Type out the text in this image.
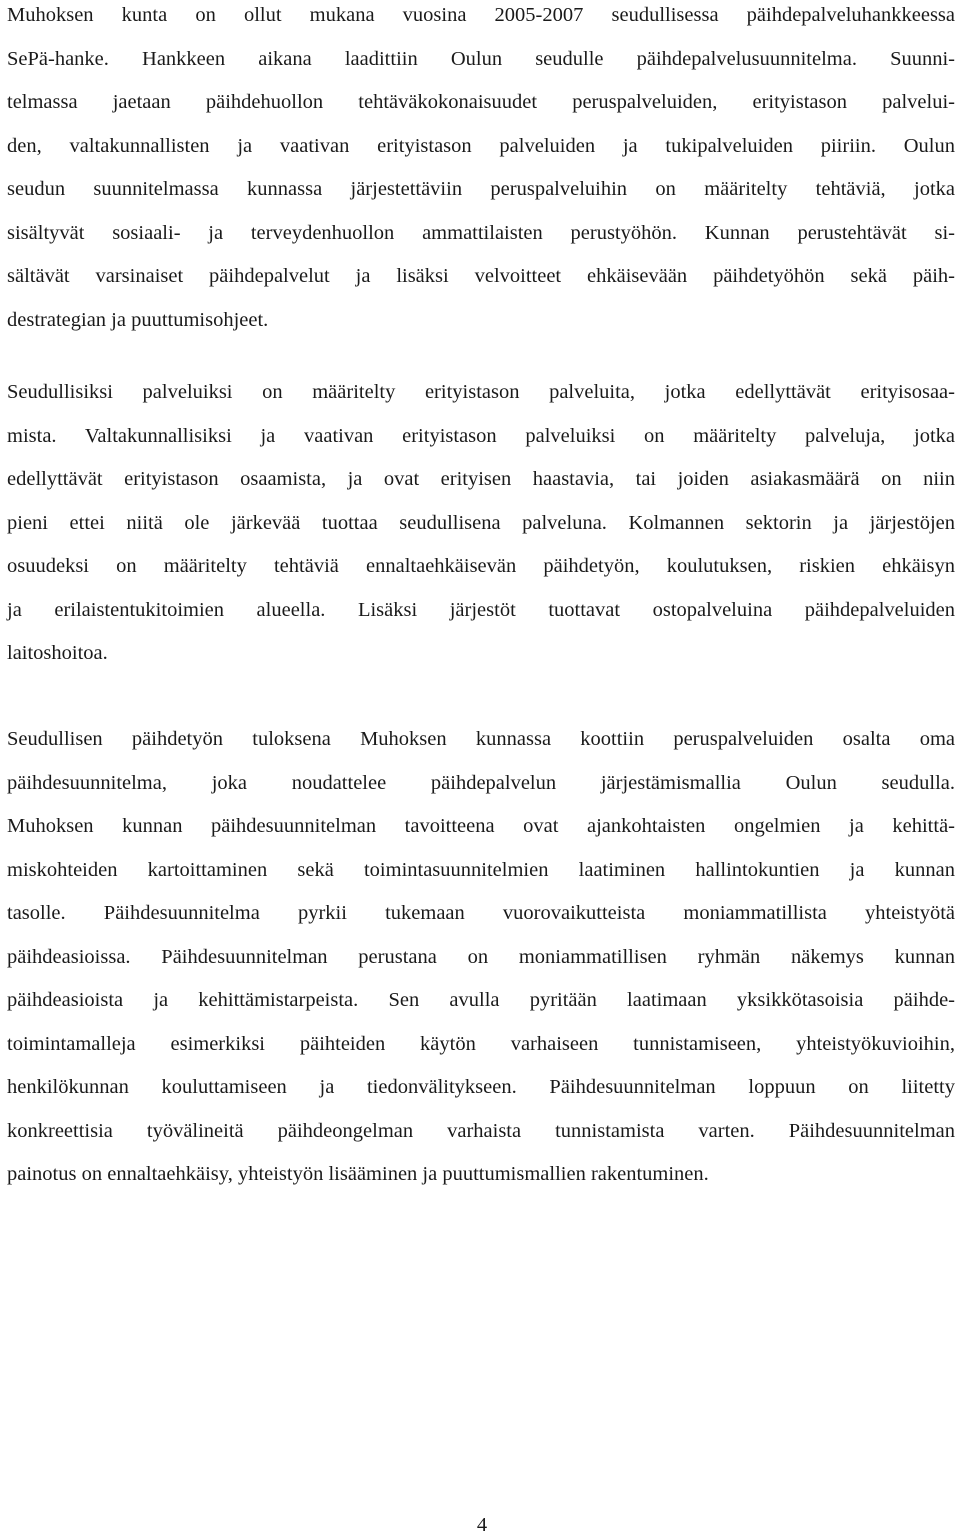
Muhoksen kunta on ollut mukana vuosina 2005-2007 seudullisessa päihdepalveluhankkeessa
SePä-hanke. Hankkeen aikana laadittiin Oulun seudulle päihdepalvelusuunnitelma. Suunni-
telmassa jaetaan päihdehuollon tehtäväkokonaisuudet peruspalveluiden, erityistason palvelui-
den, valtakunnallisten ja vaativan erityistason palveluiden ja tukipalveluiden piiriin. Oulun
seudun suunnitelmassa kunnassa järjestettäviin peruspalveluihin on määritelty tehtäviä, jotka
sisältyvät sosiaali- ja terveydenhuollon ammattilaisten perustyöhön. Kunnan perustehtävät si-
sältävät varsinaiset päihdepalvelut ja lisäksi velvoitteet ehkäisevään päihdetyöhön sekä päih-
destrategian ja puuttumisohjeet.
Seudullisiksi palveluiksi on määritelty erityistason palveluita, jotka edellyttävät erityisosaa-
mista. Valtakunnallisiksi ja vaativan erityistason palveluiksi on määritelty palveluja, jotka
edellyttävät erityistason osaamista, ja ovat erityisen haastavia, tai joiden asiakasmäärä on niin
pieni ettei niitä ole järkevää tuottaa seudullisena palveluna. Kolmannen sektorin ja järjestöjen
osuudeksi on määritelty tehtäviä ennaltaehkäisevän päihdetyön, koulutuksen, riskien ehkäisyn
ja erilaistentukitoimien alueella. Lisäksi järjestöt tuottavat ostopalveluina päihdepalveluiden
laitoshoitoa.
Seudullisen päihdetyön tuloksena Muhoksen kunnassa koottiin peruspalveluiden osalta oma
päihdesuunnitelma, joka noudattelee päihdepalvelun järjestämismallia Oulun seudulla.
Muhoksen kunnan päihdesuunnitelman tavoitteena ovat ajankohtaisten ongelmien ja kehittä-
miskohteiden kartoittaminen sekä toimintasuunnitelmien laatiminen hallintokuntien ja kunnan
tasolle. Päihdesuunnitelma pyrkii tukemaan vuorovaikutteista moniammatillista yhteistyötä
päihdeasioissa. Päihdesuunnitelman perustana on moniammatillisen ryhmän näkemys kunnan
päihdeasioista ja kehittämistarpeista. Sen avulla pyritään laatimaan yksikkötasoisia päihde-
toimintamalleja esimerkiksi päihteiden käytön varhaiseen tunnistamiseen, yhteistyökuvioihin,
henkilökunnan kouluttamiseen ja tiedonvälitykseen. Päihdesuunnitelman loppuun on liitetty
konkreettisia työvälineitä päihdeongelman varhaista tunnistamista varten. Päihdesuunnitelman
painotus on ennaltaehkäisy, yhteistyön lisääminen ja puuttumismallien rakentuminen.
4
